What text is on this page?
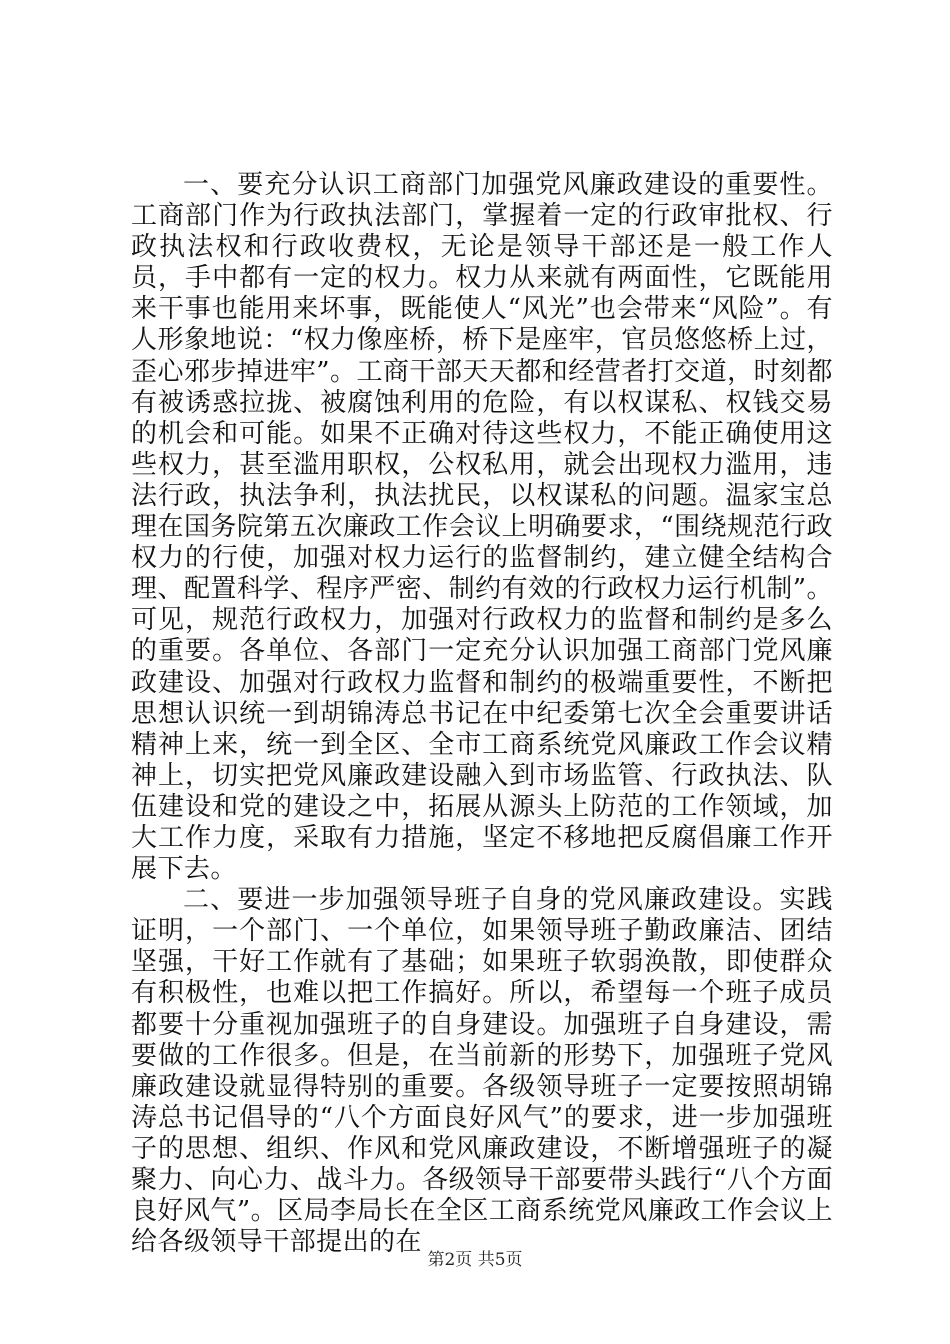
一、要充分认识工商部门加强党风廉政建设的重要性。工商部门作为行政执法部门，掌握着一定的行政审批权、行政执法权和行政收费权，无论是领导干部还是一般工作人员，手中都有一定的权力。权力从来就有两面性，它既能用来干事也能用来坏事，既能使人“风光”也会带来“风险”。有人形象地说：“权力像座桥，桥下是座牢，官员悠悠桥上过，歪心邪步掉进牢”。工商干部天天都和经营者打交道，时刻都有被诱惑拉拢、被腐蚀利用的危险，有以权谋私、权钱交易的机会和可能。如果不正确对待这些权力，不能正确使用这些权力，甚至滥用职权，公权私用，就会出现权力滥用，违法行政，执法争利，执法扰民，以权谋私的问题。温家宝总理在国务院第五次廉政工作会议上明确要求，“围绕规范行政权力的行使，加强对权力运行的监督制约，建立健全结构合理、配置科学、程序严密、制约有效的行政权力运行机制”。可见，规范行政权力，加强对行政权力的监督和制约是多么的重要。各单位、各部门一定充分认识加强工商部门党风廉政建设、加强对行政权力监督和制约的极端重要性，不断把思想认识统一到胡锦涛总书记在中纪委第七次全会重要讲话精神上来，统一到全区、全市工商系统党风廉政工作会议精神上，切实把党风廉政建设融入到市场监管、行政执法、队伍建设和党的建设之中，拓展从源头上防范的工作领域，加大工作力度，采取有力措施，坚定不移地把反腐倡廉工作开展下去。

二、要进一步加强领导班子自身的党风廉政建设。实践证明，一个部门、一个单位，如果领导班子勤政廉洁、团结坚强，干好工作就有了基础；如果班子软弱涣散，即使群众有积极性，也难以把工作搞好。所以，希望每一个班子成员都要十分重视加强班子的自身建设。加强班子自身建设，需要做的工作很多。但是，在当前新的形势下，加强班子党风廉政建设就显得特别的重要。各级领导班子一定要按照胡锦涛总书记倡导的“八个方面良好风气”的要求，进一步加强班子的思想、组织、作风和党风廉政建设，不断增强班子的凝聚力、向心力、战斗力。各级领导干部要带头践行“八个方面良好风气”。区局李局长在全区工商系统党风廉政工作会议上给各级领导干部提出的在

第2页 共5页
